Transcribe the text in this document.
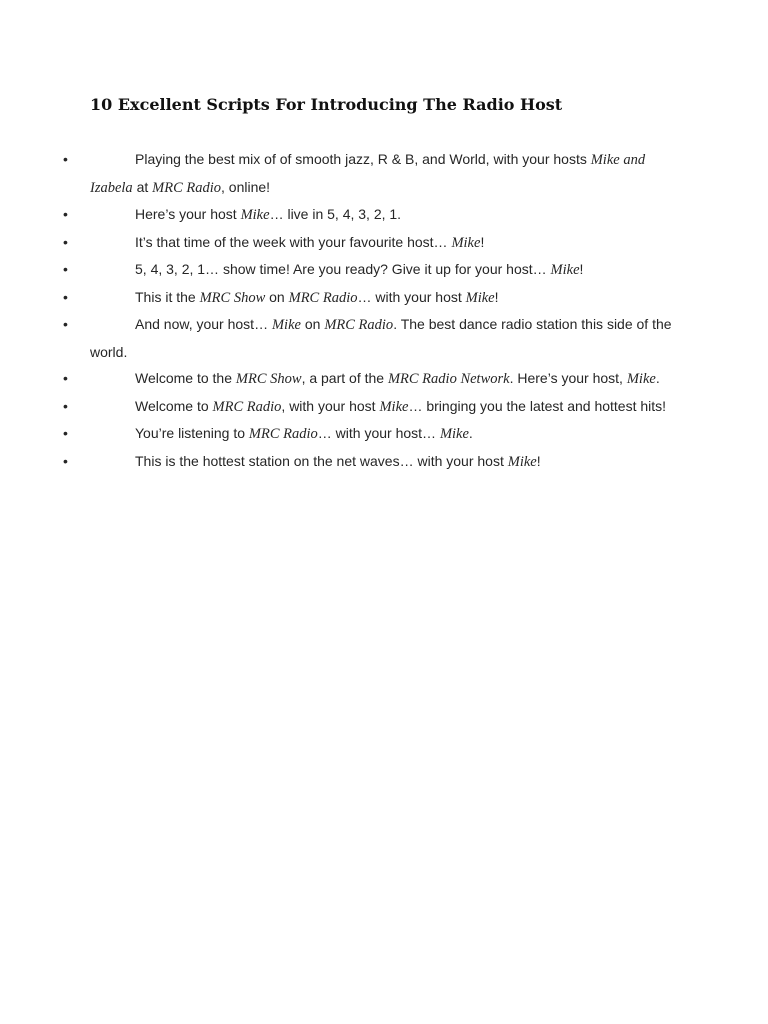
10 Excellent Scripts For Introducing The Radio Host
•	Playing the best mix of of smooth jazz, R & B, and World, with your hosts Mike and Izabela at MRC Radio, online!
•	Here’s your host Mike… live in 5, 4, 3, 2, 1.
•	It’s that time of the week with your favourite host… Mike!
•	5, 4, 3, 2, 1… show time! Are you ready? Give it up for your host… Mike!
•	This it the MRC Show on MRC Radio… with your host Mike!
•	And now, your host… Mike on MRC Radio. The best dance radio station this side of the world.
•	Welcome to the MRC Show, a part of the MRC Radio Network. Here’s your host, Mike.
•	Welcome to MRC Radio, with your host Mike… bringing you the latest and hottest hits!
•	You’re listening to MRC Radio… with your host… Mike.
•	This is the hottest station on the net waves… with your host Mike!
